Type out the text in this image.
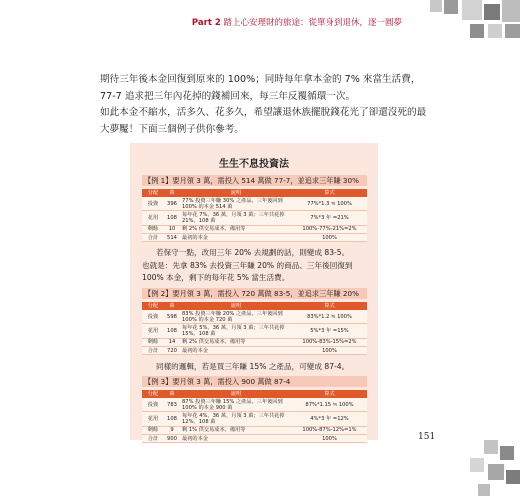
Part 2 踏上心安理財的旅途：從單身到退休，逐一圓夢

期待三年後本金回復到原來的 100%；同時每年拿本金的 7% 來當生活費，77-7 追求把三年內花掉的錢補回來，每三年反覆循環一次。

如此本金不縮水，活多久、花多久，希望讓退休族擺脫錢花光了卻還沒死的最大夢魘！下面三個例子供你參考。

生生不息投資法
【例 1】要月領 3 萬，需投入 514 萬做 77-7，並追求三年賺 30%
分配	萬	說明	算式
投資	396	77% 投資三年賺 30% 之產品，三年後回到 100% 的本金 514 萬	77%*1.3 ≒ 100%
花用	108	每年花 7%、36 萬，月領 3 萬；三年共花掉 21%、108 萬	7%*3 年 =21%
剩餘	10	剩 2% 供交易成本、備用等	100%-77%-21%=2%
合計	514	最初的本金	100%

若保守一點，改用三年 20% 去規劃的話，則變成 83-5。

也就是：先拿 83% 去投資三年賺 20% 的商品、三年後回復到

100% 本金，剩下的每年花 5% 當生活費。

【例 2】要月領 3 萬，需投入 720 萬做 83-5，並追求三年賺 20%
分配	萬	說明	算式
投資	598	83% 投資三年賺 20% 之產品，三年後回到 100% 的本金 720 萬	83%*1.2 ≒ 100%
花用	108	每年花 5%、36 萬，月領 3 萬；三年共花掉 15%、108 萬	5%*3 年 =15%
剩餘	14	剩 2% 供交易成本、備用等	100%-83%-15%=2%
合計	720	最初的本金	100%

同樣的邏輯，若是買三年賺 15% 之產品，可變成 87-4。

【例 3】要月領 3 萬，需投入 900 萬做 87-4
分配	萬	說明	算式
投資	783	87% 投資三年賺 15% 之產品，三年後回到 100% 的本金 900 萬	87%*1.15 ≒ 100%
花用	108	每年花 4%、36 萬，月領 3 萬；三年共花掉 12%、108 萬	4%*3 年 =12%
剩餘	9	剩 1% 供交易成本、備用等	100%-87%-12%=1%
合計	900	最初的本金	100%	151
